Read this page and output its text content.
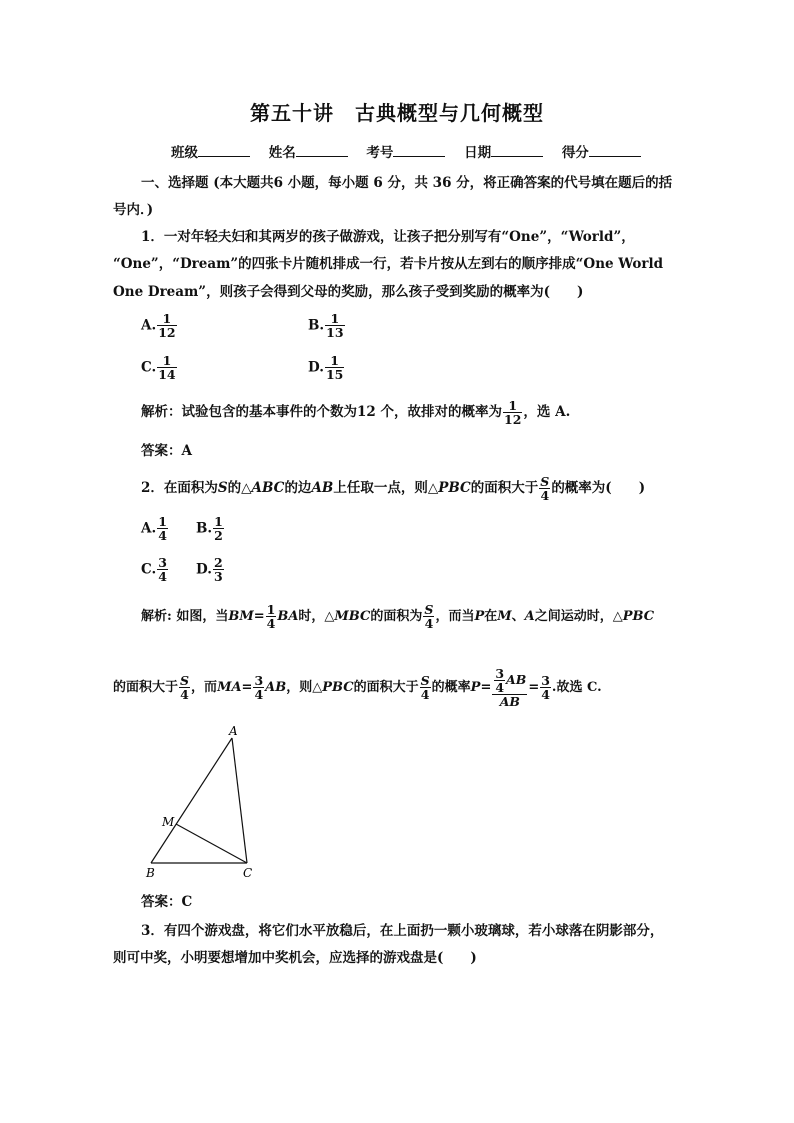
第五十讲　古典概型与几何概型
班级	姓名	考号	日期	得分
一、选择题 (本大题共6 小题，每小题 6 分，共 36 分，将正确答案的代号填在题后的括
号内．)
1．一对年轻夫妇和其两岁的孩子做游戏，让孩子把分别写有“One”，“World”，
“One”，“Dream”的四张卡片随机排成一行，若卡片按从左到右的顺序排成“One World
One Dream”，则孩子会得到父母的奖励，那么孩子受到奖励的概率为(　　)
A. $\frac{1}{12}$	B. $\frac{1}{13}$
C. $\frac{1}{14}$	D. $\frac{1}{15}$
解析：试验包含的基本事件的个数为12 个，故排对的概率为 $\frac{1}{12}$ ，选 A.
答案：A
2．在面积为S的△ABC的边AB上任取一点，则△PBC的面积大于 $\frac{S}{4}$ 的概率为(　　)
A. $\frac{1}{4} B$. $\frac{1}{2}$
C. $\frac{3}{4} D$. $\frac{2}{3}$
解析: 如图，当$BM= \frac{1}{4}$ BA时，△MBC的面积为 $\frac{S}{4}$ ，而当P在M、A之间运动时，△PBC
的面积大于 $\frac{S}{4}$ ，而$MA= \frac{3}{4}$ AB，则△PBC的面积大于 $\frac{S}{4}$ 的概率$P= \frac{\frac{3}{4} AB}{AB} = \frac{3}{4}$ .故选 C.
A
M
B	C
答案：C
3．有四个游戏盘，将它们水平放稳后，在上面扔一颗小玻璃球，若小球落在阴影部分，
则可中奖，小明要想增加中奖机会，应选择的游戏盘是(　　)
